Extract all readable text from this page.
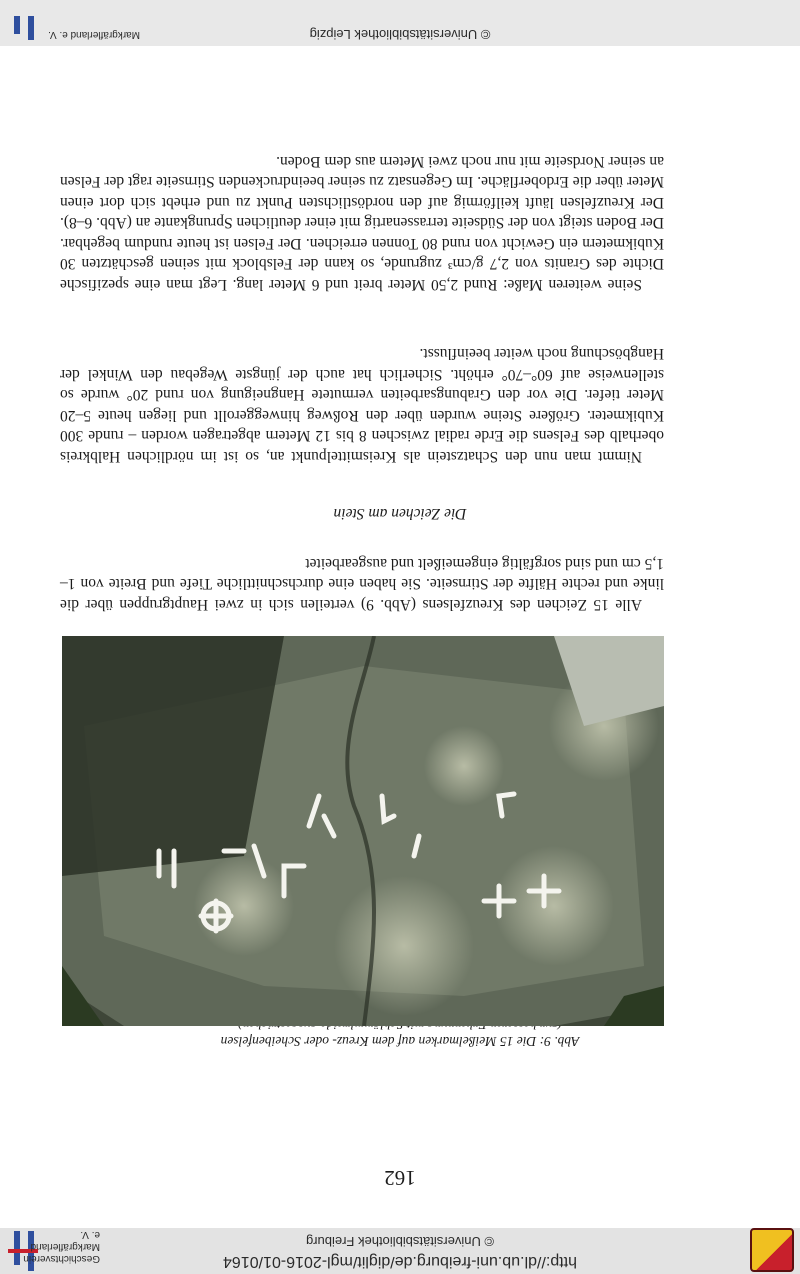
http://dl.ub.uni-freiburg.de/diglit/mgl-2016-01/0164
© Universitätsbibliothek Freiburg
Geschichtsverein
Markgräflerland e. V.
162
Abb. 9: Die 15 Meißelmarken auf dem Kreuz- oder Scheibenfelsen

Alle 15 Zeichen des Kreuzfelsens (Abb. 9) verteilen sich in zwei Hauptgruppen über die linke und rechte Hälfte der Stirnseite. Sie haben eine durchschnittliche Tiefe und Breite von 1–1,5 cm und sind sorgfältig eingemeißelt und ausgearbeitet

Die Zeichen am Stein

Nimmt man nun den Schatzstein als Kreismittelpunkt an, so ist im nördlichen Halbkreis oberhalb des Felsens die Erde radial zwischen 8 bis 12 Metern abgetragen worden – runde 300 Kubikmeter. Größere Steine wurden über den Roßweg hinweggerollt und liegen heute 5–20 Meter tiefer. Die vor den Grabungsarbeiten vermutete Hangneigung von rund 20° wurde so stellenweise auf 60°–70° erhöht. Sicherlich hat auch der jüngste Wegebau den Winkel der Hangböschung noch weiter beeinflusst.

Seine weiteren Maße: Rund 2,50 Meter breit und 6 Meter lang. Legt man eine spezifische Dichte des Granits von 2,7 g/cm³ zugrunde, so kann der Felsblock mit seinen geschätzten 30 Kubikmetern ein Gewicht von rund 80 Tonnen erreichen. Der Felsen ist heute rundum begehbar. Der Boden steigt von der Südseite terrassenartig mit einer deutlichen Sprungkante an (Abb. 6–8). Der Kreuzfelsen läuft keilförmig auf den nordöstlichsten Punkt zu und erhebt sich dort einen Meter über die Erdoberfläche. Im Gegensatz zu seiner beeindruckenden Stirnseite ragt der Felsen an seiner Nordseite mit nur noch zwei Metern aus dem Boden.

© Universitätsbibliothek Leipzig
Markgräflerland e. V.
